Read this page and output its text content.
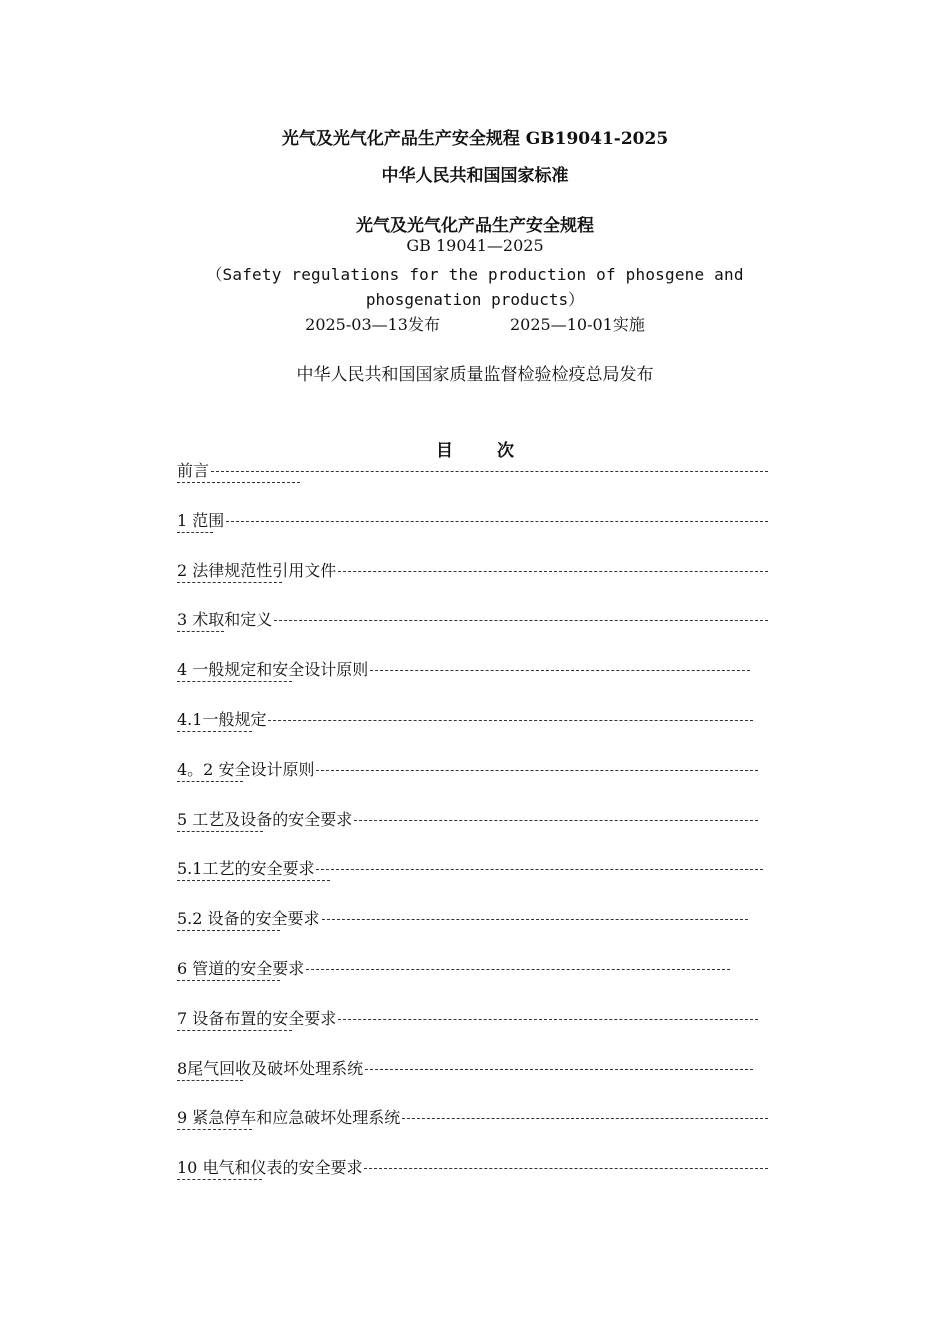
光气及光气化产品生产安全规程 GB19041-2025
中华人民共和国国家标准
光气及光气化产品生产安全规程
GB 19041—2025
（Safety regulations for the production of phosgene and
phosgenation products）
2025-03—13发布	2025—10-01实施
中华人民共和国国家质量监督检验检疫总局发布
目	次
前言
1 范围
2 法律规范性引用文件
3 术取和定义
4 一般规定和安全设计原则
4.1一般规定
4。2 安全设计原则
5 工艺及设备的安全要求
5.1工艺的安全要求
5.2 设备的安全要求
6 管道的安全要求
7 设备布置的安全要求
8尾气回收及破坏处理系统
9 紧急停车和应急破坏处理系统
10 电气和仪表的安全要求
